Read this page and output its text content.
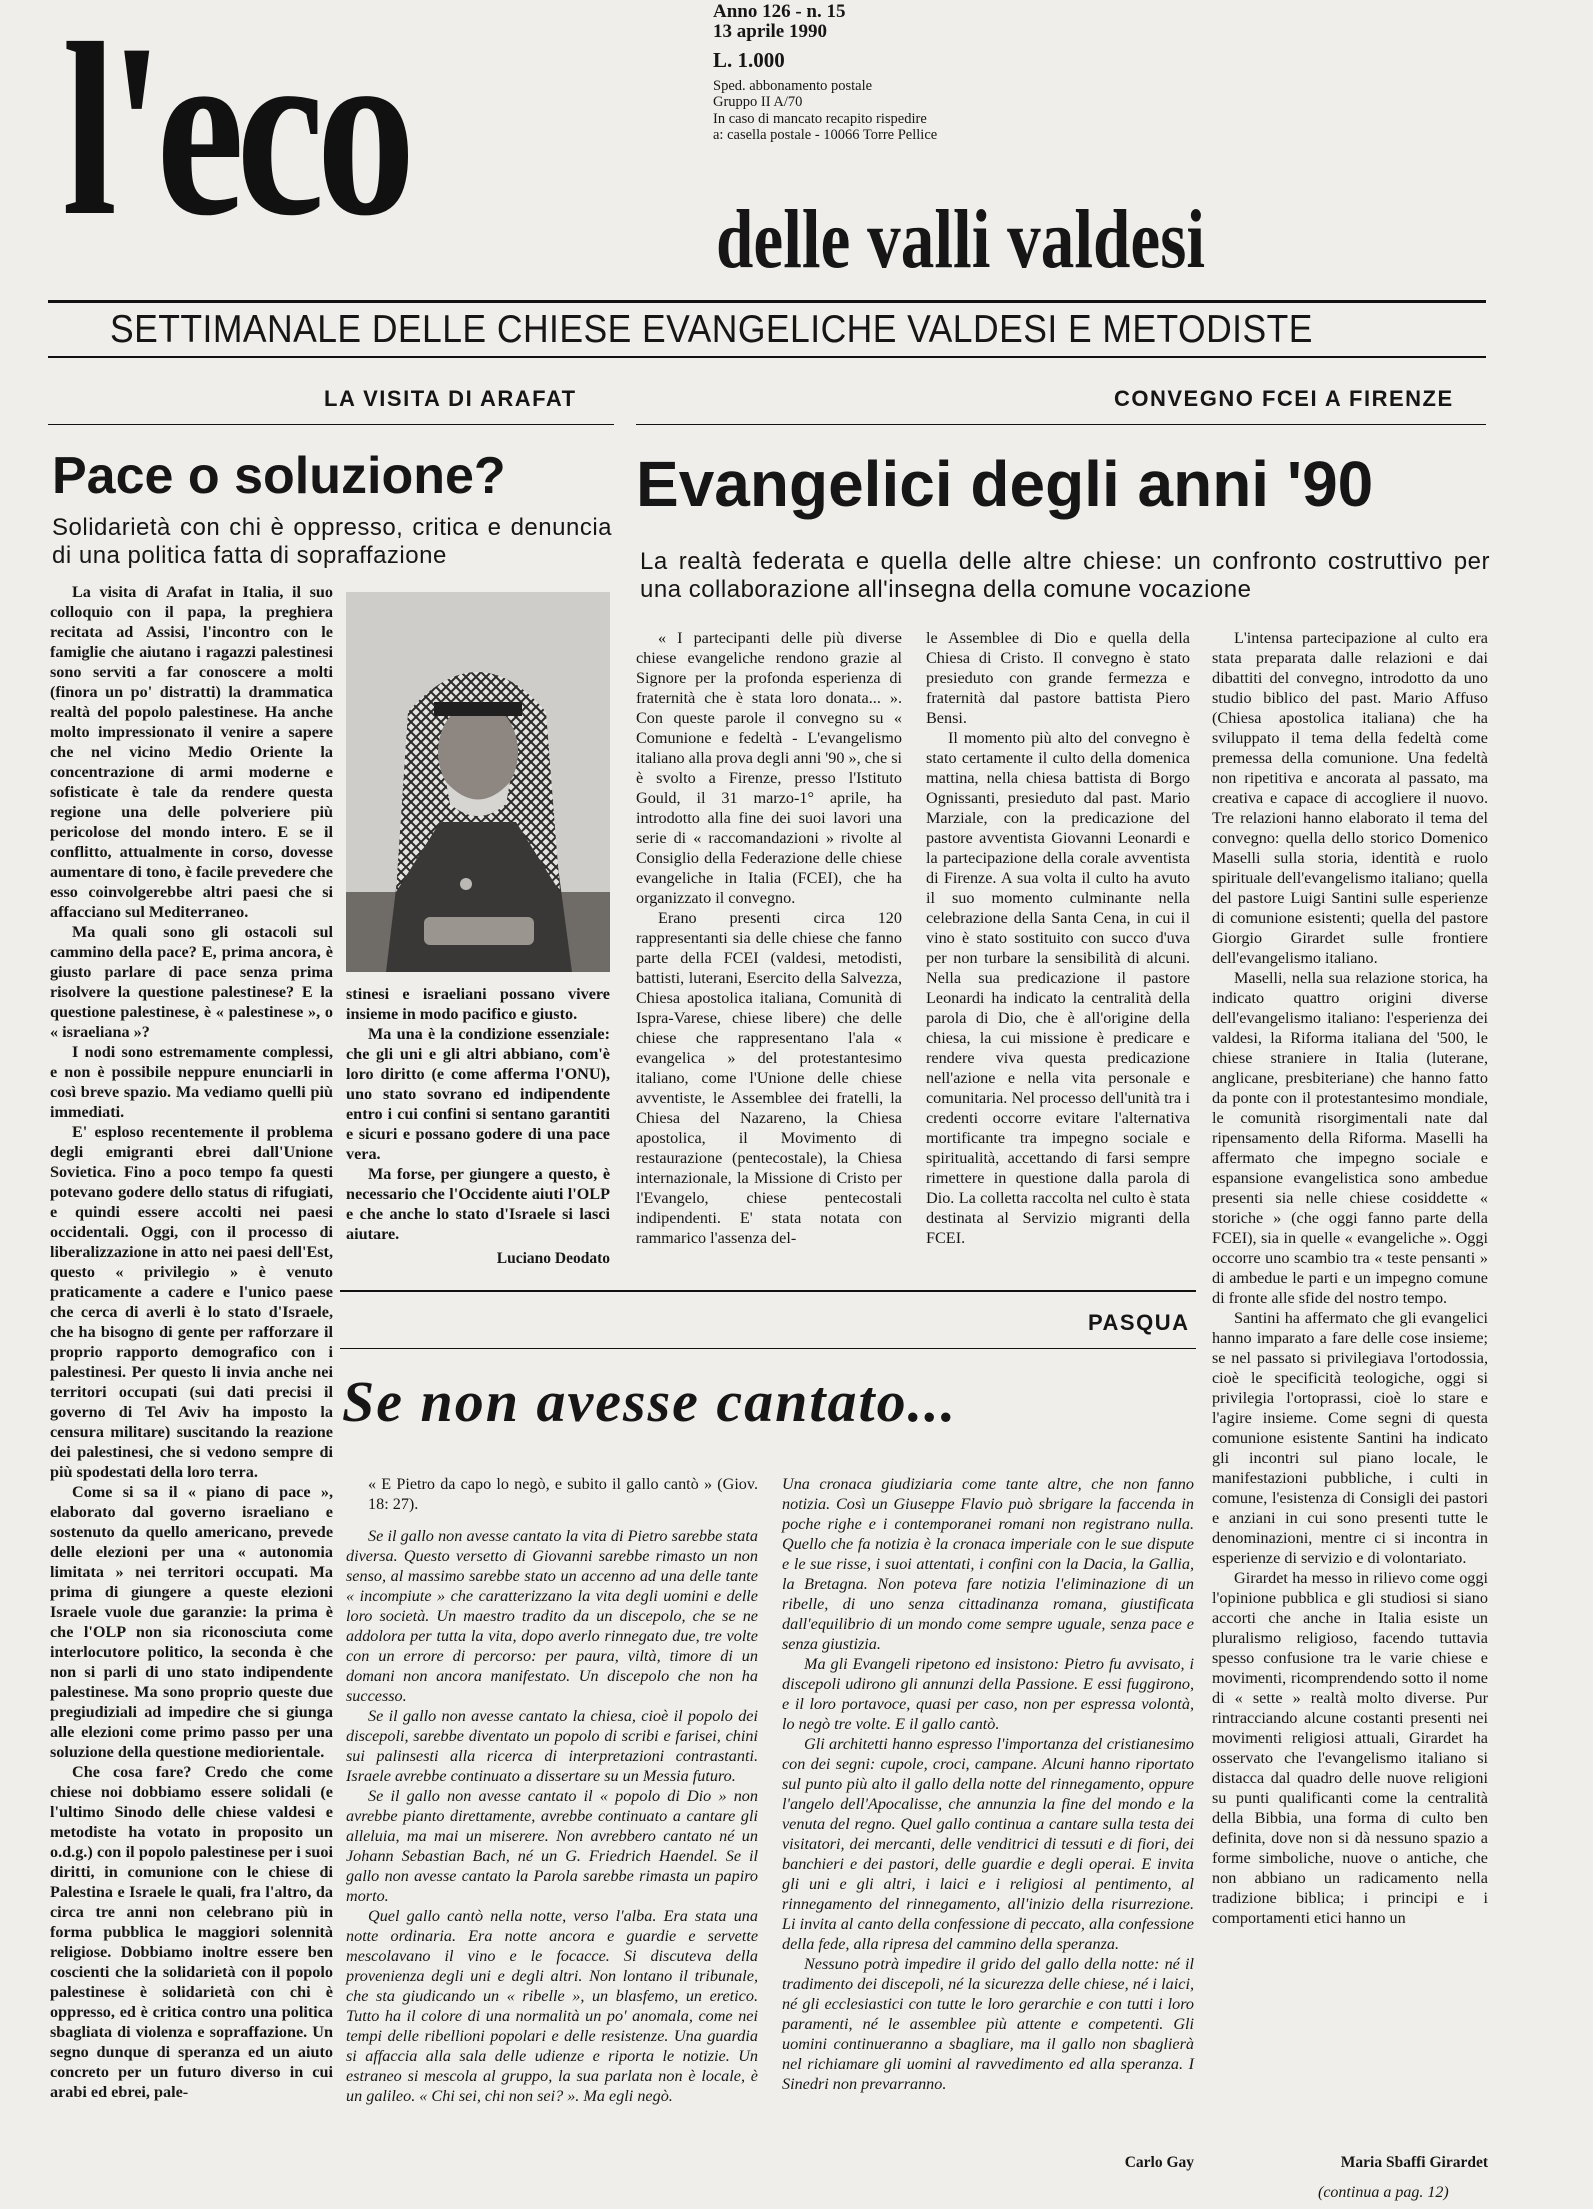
l'eco	Anno 126 - n. 15
13 aprile 1990
L. 1.000
Sped. abbonamento postale
Gruppo II A/70
In caso di mancato recapito rispedire
a: casella postale - 10066 Torre Pellice
delle valli valdesi
SETTIMANALE DELLE CHIESE EVANGELICHE VALDESI E METODISTE
LA VISITA DI ARAFAT
Pace o soluzione?
Solidarietà con chi è oppresso, critica e denuncia di una politica fatta di sopraffazione

La visita di Arafat in Italia, il suo colloquio con il papa, la preghiera recitata ad Assisi, l'incontro con le famiglie che aiutano i ragazzi palestinesi sono serviti a far conoscere a molti (finora un po' distratti) la drammatica realtà del popolo palestinese. Ha anche molto impressionato il venire a sapere che nel vicino Medio Oriente la concentrazione di armi moderne e sofisticate è tale da rendere questa regione una delle polveriere più pericolose del mondo intero. E se il conflitto, attualmente in corso, dovesse aumentare di tono, è facile prevedere che esso coinvolgerebbe altri paesi che si affacciano sul Mediterraneo.

Ma quali sono gli ostacoli sul cammino della pace? E, prima ancora, è giusto parlare di pace senza prima risolvere la questione palestinese? E la questione palestinese, è « palestinese », o « israeliana »?

I nodi sono estremamente complessi, e non è possibile neppure enunciarli in così breve spazio. Ma vediamo quelli più immediati.

E' esploso recentemente il problema degli emigranti ebrei dall'Unione Sovietica. Fino a poco tempo fa questi potevano godere dello status di rifugiati, e quindi essere accolti nei paesi occidentali. Oggi, con il processo di liberalizzazione in atto nei paesi dell'Est, questo « privilegio » è venuto praticamente a cadere e l'unico paese che cerca di averli è lo stato d'Israele, che ha bisogno di gente per rafforzare il proprio rapporto demografico con i palestinesi. Per questo li invia anche nei territori occupati (sui dati precisi il governo di Tel Aviv ha imposto la censura militare) suscitando la reazione dei palestinesi, che si vedono sempre di più spodestati della loro terra.

Come si sa il « piano di pace », elaborato dal governo israeliano e sostenuto da quello americano, prevede delle elezioni per una « autonomia limitata » nei territori occupati. Ma prima di giungere a queste elezioni Israele vuole due garanzie: la prima è che l'OLP non sia riconosciuta come interlocutore politico, la seconda è che non si parli di uno stato indipendente palestinese. Ma sono proprio queste due pregiudiziali ad impedire che si giunga alle elezioni come primo passo per una soluzione della questione mediorientale.

Che cosa fare? Credo che come chiese noi dobbiamo essere solidali (e l'ultimo Sinodo delle chiese valdesi e metodiste ha votato in proposito un o.d.g.) con il popolo palestinese per i suoi diritti, in comunione con le chiese di Palestina e Israele le quali, fra l'altro, da circa tre anni non celebrano più in forma pubblica le maggiori solennità religiose. Dobbiamo inoltre essere ben coscienti che la solidarietà con il popolo palestinese è solidarietà con chi è oppresso, ed è critica contro una politica sbagliata di violenza e sopraffazione. Un segno dunque di speranza ed un aiuto concreto per un futuro diverso in cui arabi ed ebrei, pale-

stinesi e israeliani possano vivere insieme in modo pacifico e giusto.

Ma una è la condizione essenziale: che gli uni e gli altri abbiano, com'è loro diritto (e come afferma l'ONU), uno stato sovrano ed indipendente entro i cui confini si sentano garantiti e sicuri e possano godere di una pace vera.

Ma forse, per giungere a questo, è necessario che l'Occidente aiuti l'OLP e che anche lo stato d'Israele si lasci aiutare.

Luciano Deodato
CONVEGNO FCEI A FIRENZE
Evangelici degli anni '90
La realtà federata e quella delle altre chiese: un confronto costruttivo per una collaborazione all'insegna della comune vocazione

« I partecipanti delle più diverse chiese evangeliche rendono grazie al Signore per la profonda esperienza di fraternità che è stata loro donata... ». Con queste parole il convegno su « Comunione e fedeltà - L'evangelismo italiano alla prova degli anni '90 », che si è svolto a Firenze, presso l'Istituto Gould, il 31 marzo-1° aprile, ha introdotto alla fine dei suoi lavori una serie di « raccomandazioni » rivolte al Consiglio della Federazione delle chiese evangeliche in Italia (FCEI), che ha organizzato il convegno.

Erano presenti circa 120 rappresentanti sia delle chiese che fanno parte della FCEI (valdesi, metodisti, battisti, luterani, Esercito della Salvezza, Chiesa apostolica italiana, Comunità di Ispra-Varese, chiese libere) che delle chiese che rappresentano l'ala « evangelica » del protestantesimo italiano, come l'Unione delle chiese avventiste, le Assemblee dei fratelli, la Chiesa del Nazareno, la Chiesa apostolica, il Movimento di restaurazione (pentecostale), la Chiesa internazionale, la Missione di Cristo per l'Evangelo, chiese pentecostali indipendenti. E' stata notata con rammarico l'assenza del-

le Assemblee di Dio e quella della Chiesa di Cristo. Il convegno è stato presieduto con grande fermezza e fraternità dal pastore battista Piero Bensi.

Il momento più alto del convegno è stato certamente il culto della domenica mattina, nella chiesa battista di Borgo Ognissanti, presieduto dal past. Mario Marziale, con la predicazione del pastore avventista Giovanni Leonardi e la partecipazione della corale avventista di Firenze. A sua volta il culto ha avuto il suo momento culminante nella celebrazione della Santa Cena, in cui il vino è stato sostituito con succo d'uva per non turbare la sensibilità di alcuni. Nella sua predicazione il pastore Leonardi ha indicato la centralità della parola di Dio, che è all'origine della chiesa, la cui missione è predicare e rendere viva questa predicazione nell'azione e nella vita personale e comunitaria. Nel processo dell'unità tra i credenti occorre evitare l'alternativa mortificante tra impegno sociale e spiritualità, accettando di farsi sempre rimettere in questione dalla parola di Dio. La colletta raccolta nel culto è stata destinata al Servizio migranti della FCEI.

L'intensa partecipazione al culto era stata preparata dalle relazioni e dai dibattiti del convegno, introdotto da uno studio biblico del past. Mario Affuso (Chiesa apostolica italiana) che ha sviluppato il tema della fedeltà come premessa della comunione. Una fedeltà non ripetitiva e ancorata al passato, ma creativa e capace di accogliere il nuovo. Tre relazioni hanno elaborato il tema del convegno: quella dello storico Domenico Maselli sulla storia, identità e ruolo spirituale dell'evangelismo italiano; quella del pastore Luigi Santini sulle esperienze di comunione esistenti; quella del pastore Giorgio Girardet sulle frontiere dell'evangelismo italiano.

Maselli, nella sua relazione storica, ha indicato quattro origini diverse dell'evangelismo italiano: l'esperienza dei valdesi, la Riforma italiana del '500, le chiese straniere in Italia (luterane, anglicane, presbiteriane) che hanno fatto da ponte con il protestantesimo mondiale, le comunità risorgimentali nate dal ripensamento della Riforma. Maselli ha affermato che impegno sociale e espansione evangelistica sono ambedue presenti sia nelle chiese cosiddette « storiche » (che oggi fanno parte della FCEI), sia in quelle « evangeliche ». Oggi occorre uno scambio tra « teste pensanti » di ambedue le parti e un impegno comune di fronte alle sfide del nostro tempo.

Santini ha affermato che gli evangelici hanno imparato a fare delle cose insieme; se nel passato si privilegiava l'ortodossia, cioè le specificità teologiche, oggi si privilegia l'ortoprassi, cioè lo stare e l'agire insieme. Come segni di questa comunione esistente Santini ha indicato gli incontri sul piano locale, le manifestazioni pubbliche, i culti in comune, l'esistenza di Consigli dei pastori e anziani in cui sono presenti tutte le denominazioni, mentre ci si incontra in esperienze di servizio e di volontariato.

Girardet ha messo in rilievo come oggi l'opinione pubblica e gli studiosi si siano accorti che anche in Italia esiste un pluralismo religioso, facendo tuttavia spesso confusione tra le varie chiese e movimenti, ricomprendendo sotto il nome di « sette » realtà molto diverse. Pur rintracciando alcune costanti presenti nei movimenti religiosi attuali, Girardet ha osservato che l'evangelismo italiano si distacca dal quadro delle nuove religioni su punti qualificanti come la centralità della Bibbia, una forma di culto ben definita, dove non si dà nessuno spazio a forme simboliche, nuove o antiche, che non abbiano un radicamento nella tradizione biblica; i principi e i comportamenti etici hanno un

Maria Sbaffi Girardet
(continua a pag. 12)
PASQUA
Se non avesse cantato...

« E Pietro da capo lo negò, e subito il gallo cantò » (Giov. 18: 27).

Se il gallo non avesse cantato la vita di Pietro sarebbe stata diversa. Questo versetto di Giovanni sarebbe rimasto un non senso, al massimo sarebbe stato un accenno ad una delle tante « incompiute » che caratterizzano la vita degli uomini e delle loro società. Un maestro tradito da un discepolo, che se ne addolora per tutta la vita, dopo averlo rinnegato due, tre volte con un errore di percorso: per paura, viltà, timore di un domani non ancora manifestato. Un discepolo che non ha successo.

Se il gallo non avesse cantato la chiesa, cioè il popolo dei discepoli, sarebbe diventato un popolo di scribi e farisei, chini sui palinsesti alla ricerca di interpretazioni contrastanti. Israele avrebbe continuato a dissertare su un Messia futuro.

Se il gallo non avesse cantato il « popolo di Dio » non avrebbe pianto direttamente, avrebbe continuato a cantare gli alleluia, ma mai un miserere. Non avrebbero cantato né un Johann Sebastian Bach, né un G. Friedrich Haendel. Se il gallo non avesse cantato la Parola sarebbe rimasta un papiro morto.

Quel gallo cantò nella notte, verso l'alba. Era stata una notte ordinaria. Era notte ancora e guardie e servette mescolavano il vino e le focacce. Si discuteva della provenienza degli uni e degli altri. Non lontano il tribunale, che sta giudicando un « ribelle », un blasfemo, un eretico. Tutto ha il colore di una normalità un po' anomala, come nei tempi delle ribellioni popolari e delle resistenze. Una guardia si affaccia alla sala delle udienze e riporta le notizie. Un estraneo si mescola al gruppo, la sua parlata non è locale, è un galileo. « Chi sei, chi non sei? ». Ma egli negò.

Una cronaca giudiziaria come tante altre, che non fanno notizia. Così un Giuseppe Flavio può sbrigare la faccenda in poche righe e i contemporanei romani non registrano nulla. Quello che fa notizia è la cronaca imperiale con le sue dispute e le sue risse, i suoi attentati, i confini con la Dacia, la Gallia, la Bretagna. Non poteva fare notizia l'eliminazione di un ribelle, di uno senza cittadinanza romana, giustificata dall'equilibrio di un mondo come sempre uguale, senza pace e senza giustizia.

Ma gli Evangeli ripetono ed insistono: Pietro fu avvisato, i discepoli udirono gli annunzi della Passione. E essi fuggirono, e il loro portavoce, quasi per caso, non per espressa volontà, lo negò tre volte. E il gallo cantò.

Gli architetti hanno espresso l'importanza del cristianesimo con dei segni: cupole, croci, campane. Alcuni hanno riportato sul punto più alto il gallo della notte del rinnegamento, oppure l'angelo dell'Apocalisse, che annunzia la fine del mondo e la venuta del regno. Quel gallo continua a cantare sulla testa dei visitatori, dei mercanti, delle venditrici di tessuti e di fiori, dei banchieri e dei pastori, delle guardie e degli operai. E invita gli uni e gli altri, i laici e i religiosi al pentimento, al rinnegamento del rinnegamento, all'inizio della risurrezione. Li invita al canto della confessione di peccato, alla confessione della fede, alla ripresa del cammino della speranza.

Nessuno potrà impedire il grido del gallo della notte: né il tradimento dei discepoli, né la sicurezza delle chiese, né i laici, né gli ecclesiastici con tutte le loro gerarchie e con tutti i loro paramenti, né le assemblee più attente e competenti. Gli uomini continueranno a sbagliare, ma il gallo non sbaglierà nel richiamare gli uomini al ravvedimento ed alla speranza. I Sinedri non prevarranno.

Carlo Gay
